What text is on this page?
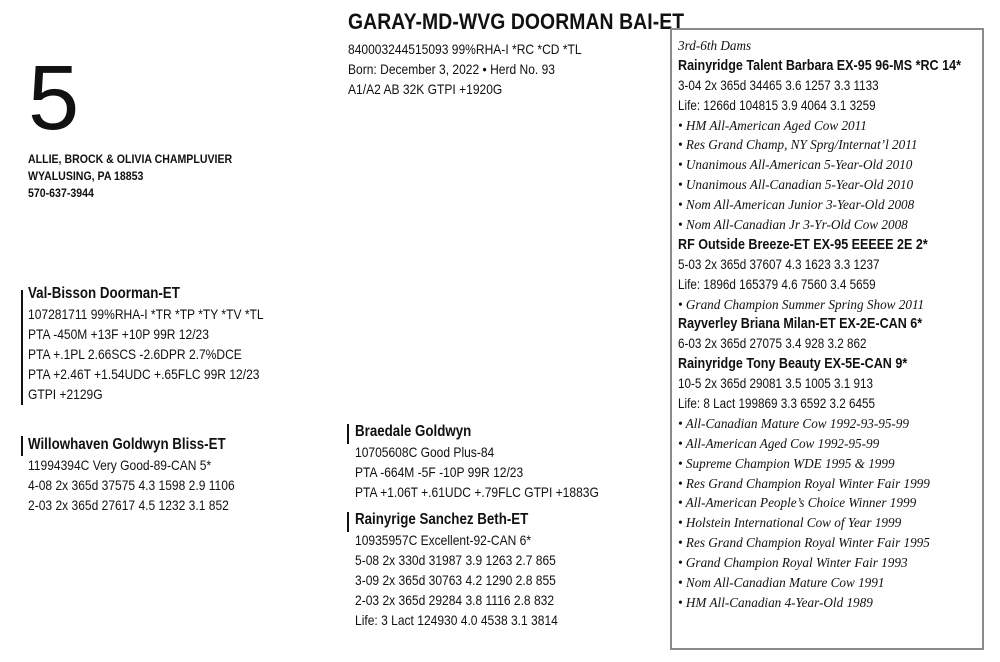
5
ALLIE, BROCK & OLIVIA CHAMPLUVIER
WYALUSING, PA 18853
570-637-3944
GARAY-MD-WVG DOORMAN BAI-ET
840003244515093 99%RHA-I *RC *CD *TL
Born: December 3, 2022 • Herd No. 93
A1/A2 AB 32K GTPI +1920G
Val-Bisson Doorman-ET
107281711 99%RHA-I *TR *TP *TY *TV *TL
PTA -450M +13F +10P 99R 12/23
PTA +.1PL 2.66SCS -2.6DPR 2.7%DCE
PTA +2.46T +1.54UDC +.65FLC 99R 12/23
GTPI +2129G
Willowhaven Goldwyn Bliss-ET
11994394C Very Good-89-CAN 5*
4-08 2x 365d 37575 4.3 1598 2.9 1106
2-03 2x 365d 27617 4.5 1232 3.1 852
Braedale Goldwyn
10705608C Good Plus-84
PTA -664M -5F -10P 99R 12/23
PTA +1.06T +.61UDC +.79FLC GTPI +1883G
Rainyrige Sanchez Beth-ET
10935957C Excellent-92-CAN 6*
5-08 2x 330d 31987 3.9 1263 2.7 865
3-09 2x 365d 30763 4.2 1290 2.8 855
2-03 2x 365d 29284 3.8 1116 2.8 832
Life: 3 Lact 124930 4.0 4538 3.1 3814
3rd-6th Dams
Rainyridge Talent Barbara EX-95 96-MS *RC 14*
3-04 2x 365d 34465 3.6 1257 3.3 1133
Life: 1266d 104815 3.9 4064 3.1 3259
• HM All-American Aged Cow 2011
• Res Grand Champ, NY Sprg/Internat’l 2011
• Unanimous All-American 5-Year-Old 2010
• Unanimous All-Canadian 5-Year-Old 2010
• Nom All-American Junior 3-Year-Old 2008
• Nom All-Canadian Jr 3-Yr-Old Cow 2008
RF Outside Breeze-ET EX-95 EEEEE 2E 2*
5-03 2x 365d 37607 4.3 1623 3.3 1237
Life: 1896d 165379 4.6 7560 3.4 5659
• Grand Champion Summer Spring Show 2011
Rayverley Briana Milan-ET EX-2E-CAN 6*
6-03 2x 365d 27075 3.4 928 3.2 862
Rainyridge Tony Beauty EX-5E-CAN 9*
10-5 2x 365d 29081 3.5 1005 3.1 913
Life: 8 Lact 199869 3.3 6592 3.2 6455
• All-Canadian Mature Cow 1992-93-95-99
• All-American Aged Cow 1992-95-99
• Supreme Champion WDE 1995 & 1999
• Res Grand Champion Royal Winter Fair 1999
• All-American People’s Choice Winner 1999
• Holstein International Cow of Year 1999
• Res Grand Champion Royal Winter Fair 1995
• Grand Champion Royal Winter Fair 1993
• Nom All-Canadian Mature Cow 1991
• HM All-Canadian 4-Year-Old 1989
